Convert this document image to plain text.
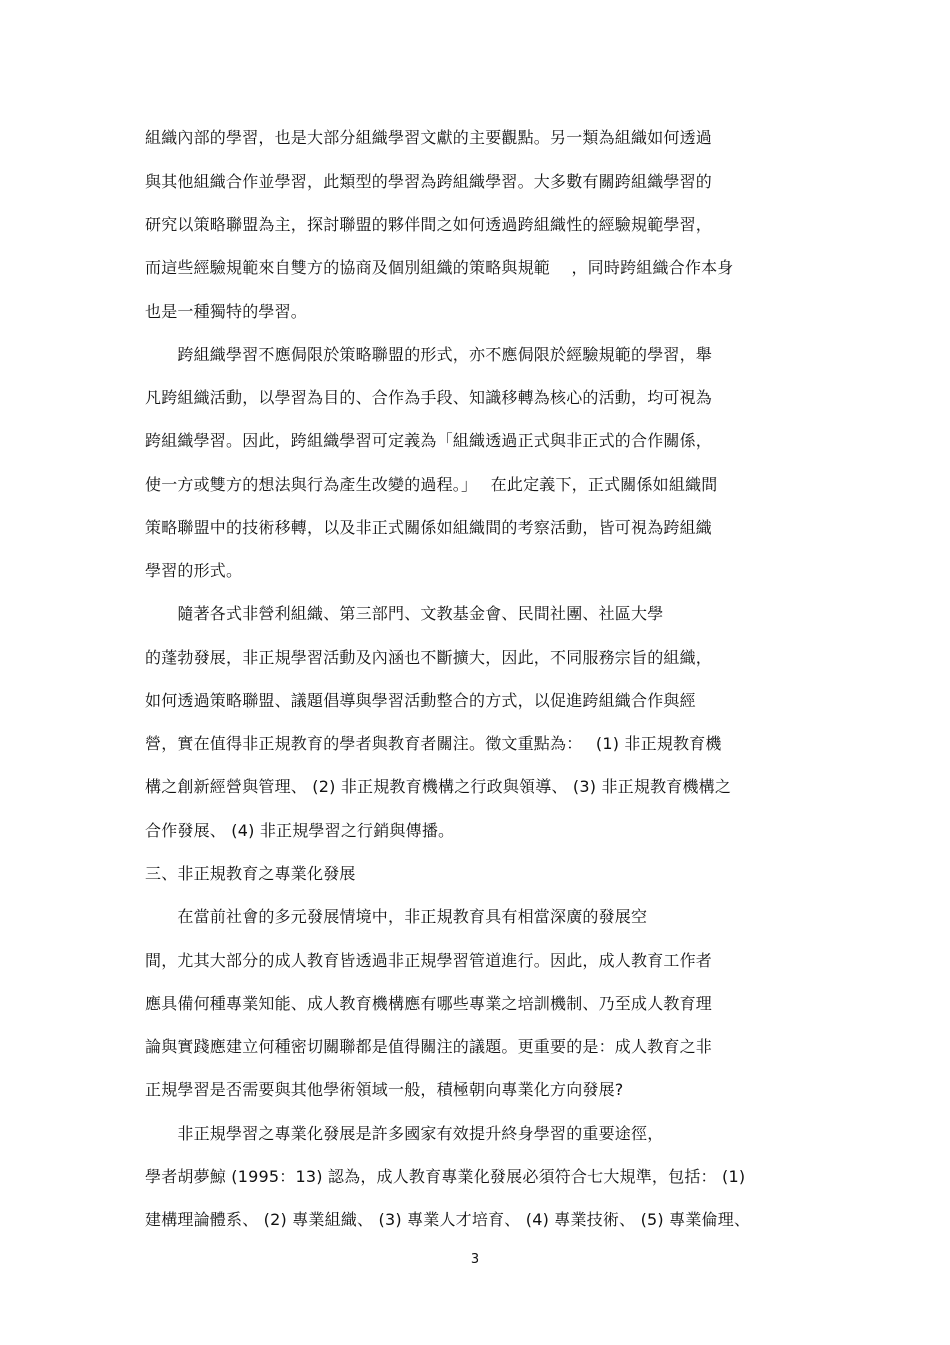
組織內部的學習，也是大部分組織學習文獻的主要觀點。另一類為組織如何透過
與其他組織合作並學習，此類型的學習為跨組織學習。大多數有關跨組織學習的
研究以策略聯盟為主，探討聯盟的夥伴間之如何透過跨組織性的經驗規範學習，
而這些經驗規範來自雙方的協商及個別組織的策略與規範　 ，同時跨組織合作本身
也是一種獨特的學習。
　　跨組織學習不應侷限於策略聯盟的形式，亦不應侷限於經驗規範的學習，舉
凡跨組織活動，以學習為目的、合作為手段、知識移轉為核心的活動，均可視為
跨組織學習。因此，跨組織學習可定義為「組織透過正式與非正式的合作關係，
使一方或雙方的想法與行為產生改變的過程。」　 在此定義下，正式關係如組織間
策略聯盟中的技術移轉，以及非正式關係如組織間的考察活動，皆可視為跨組織
學習的形式。
　　隨著各式非營利組織、第三部門、文教基金會、民間社團、社區大學
的蓬勃發展，非正規學習活動及內涵也不斷擴大，因此，不同服務宗旨的組織，
如何透過策略聯盟、議題倡導與學習活動整合的方式，以促進跨組織合作與經
營，實在值得非正規教育的學者與教育者關注。徵文重點為：　 (1) 非正規教育機
構之創新經營與管理、 (2) 非正規教育機構之行政與領導、 (3) 非正規教育機構之
合作發展、 (4) 非正規學習之行銷與傳播。
三、非正規教育之專業化發展
　　在當前社會的多元發展情境中，非正規教育具有相當深廣的發展空
間，尤其大部分的成人教育皆透過非正規學習管道進行。因此，成人教育工作者
應具備何種專業知能、成人教育機構應有哪些專業之培訓機制、乃至成人教育理
論與實踐應建立何種密切關聯都是值得關注的議題。更重要的是：成人教育之非
正規學習是否需要與其他學術領域一般，積極朝向專業化方向發展?
　　非正規學習之專業化發展是許多國家有效提升終身學習的重要途徑，
學者胡夢鯨 (1995：13) 認為，成人教育專業化發展必須符合七大規準，包括： (1)
建構理論體系、 (2) 專業組織、 (3) 專業人才培育、 (4) 專業技術、 (5) 專業倫理、
3
